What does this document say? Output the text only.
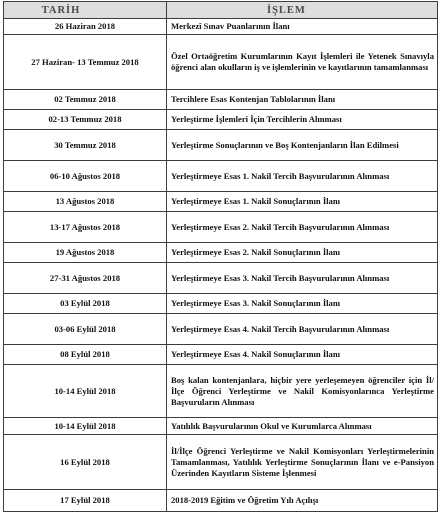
TARİH	İŞLEM
26 Haziran 2018	Merkezî Sınav Puanlarının İlanı
27 Haziran- 13 Temmuz 2018	Özel Ortaöğretim Kurumlarının Kayıt İşlemleri ile Yetenek Sınavıyla öğrenci alan okulların iş ve işlemlerinin ve kayıtlarının tamamlanması
02 Temmuz 2018	Tercihlere Esas Kontenjan Tablolarının İlanı
02-13 Temmuz 2018	Yerleştirme İşlemleri İçin Tercihlerin Alınması
30 Temmuz 2018	Yerleştirme Sonuçlarının ve Boş Kontenjanların İlan Edilmesi
06-10 Ağustos 2018	Yerleştirmeye Esas 1. Nakil Tercih Başvurularının Alınması
13 Ağustos 2018	Yerleştirmeye Esas 1. Nakil Sonuçlarının İlanı
13-17 Ağustos 2018	Yerleştirmeye Esas 2. Nakil Tercih Başvurularının Alınması
19 Ağustos 2018	Yerleştirmeye Esas 2. Nakil Sonuçlarının İlanı
27-31 Ağustos 2018	Yerleştirmeye Esas 3. Nakil Tercih Başvurularının Alınması
03 Eylül 2018	Yerleştirmeye Esas 3. Nakil Sonuçlarının İlanı
03-06 Eylül 2018	Yerleştirmeye Esas 4. Nakil Tercih Başvurularının Alınması
08 Eylül 2018	Yerleştirmeye Esas 4. Nakil Sonuçlarının İlanı
10-14 Eylül 2018	Boş kalan kontenjanlara, hiçbir yere yerleşemeyen öğrenciler için İl/İlçe Öğrenci Yerleştirme ve Nakil Komisyonlarınca Yerleştirme Başvuruların Alınması
10-14 Eylül 2018	Yatılılık Başvurularının Okul ve Kurumlarca Alınması
16 Eylül 2018	İl/İlçe Öğrenci Yerleştirme ve Nakil Komisyonları Yerleştirmelerinin Tamamlanması, Yatılılık Yerleştirme Sonuçlarının İlanı ve e-Pansiyon Üzerinden Kayıtların Sisteme İşlenmesi
17 Eylül 2018	2018-2019 Eğitim ve Öğretim Yılı Açılışı
